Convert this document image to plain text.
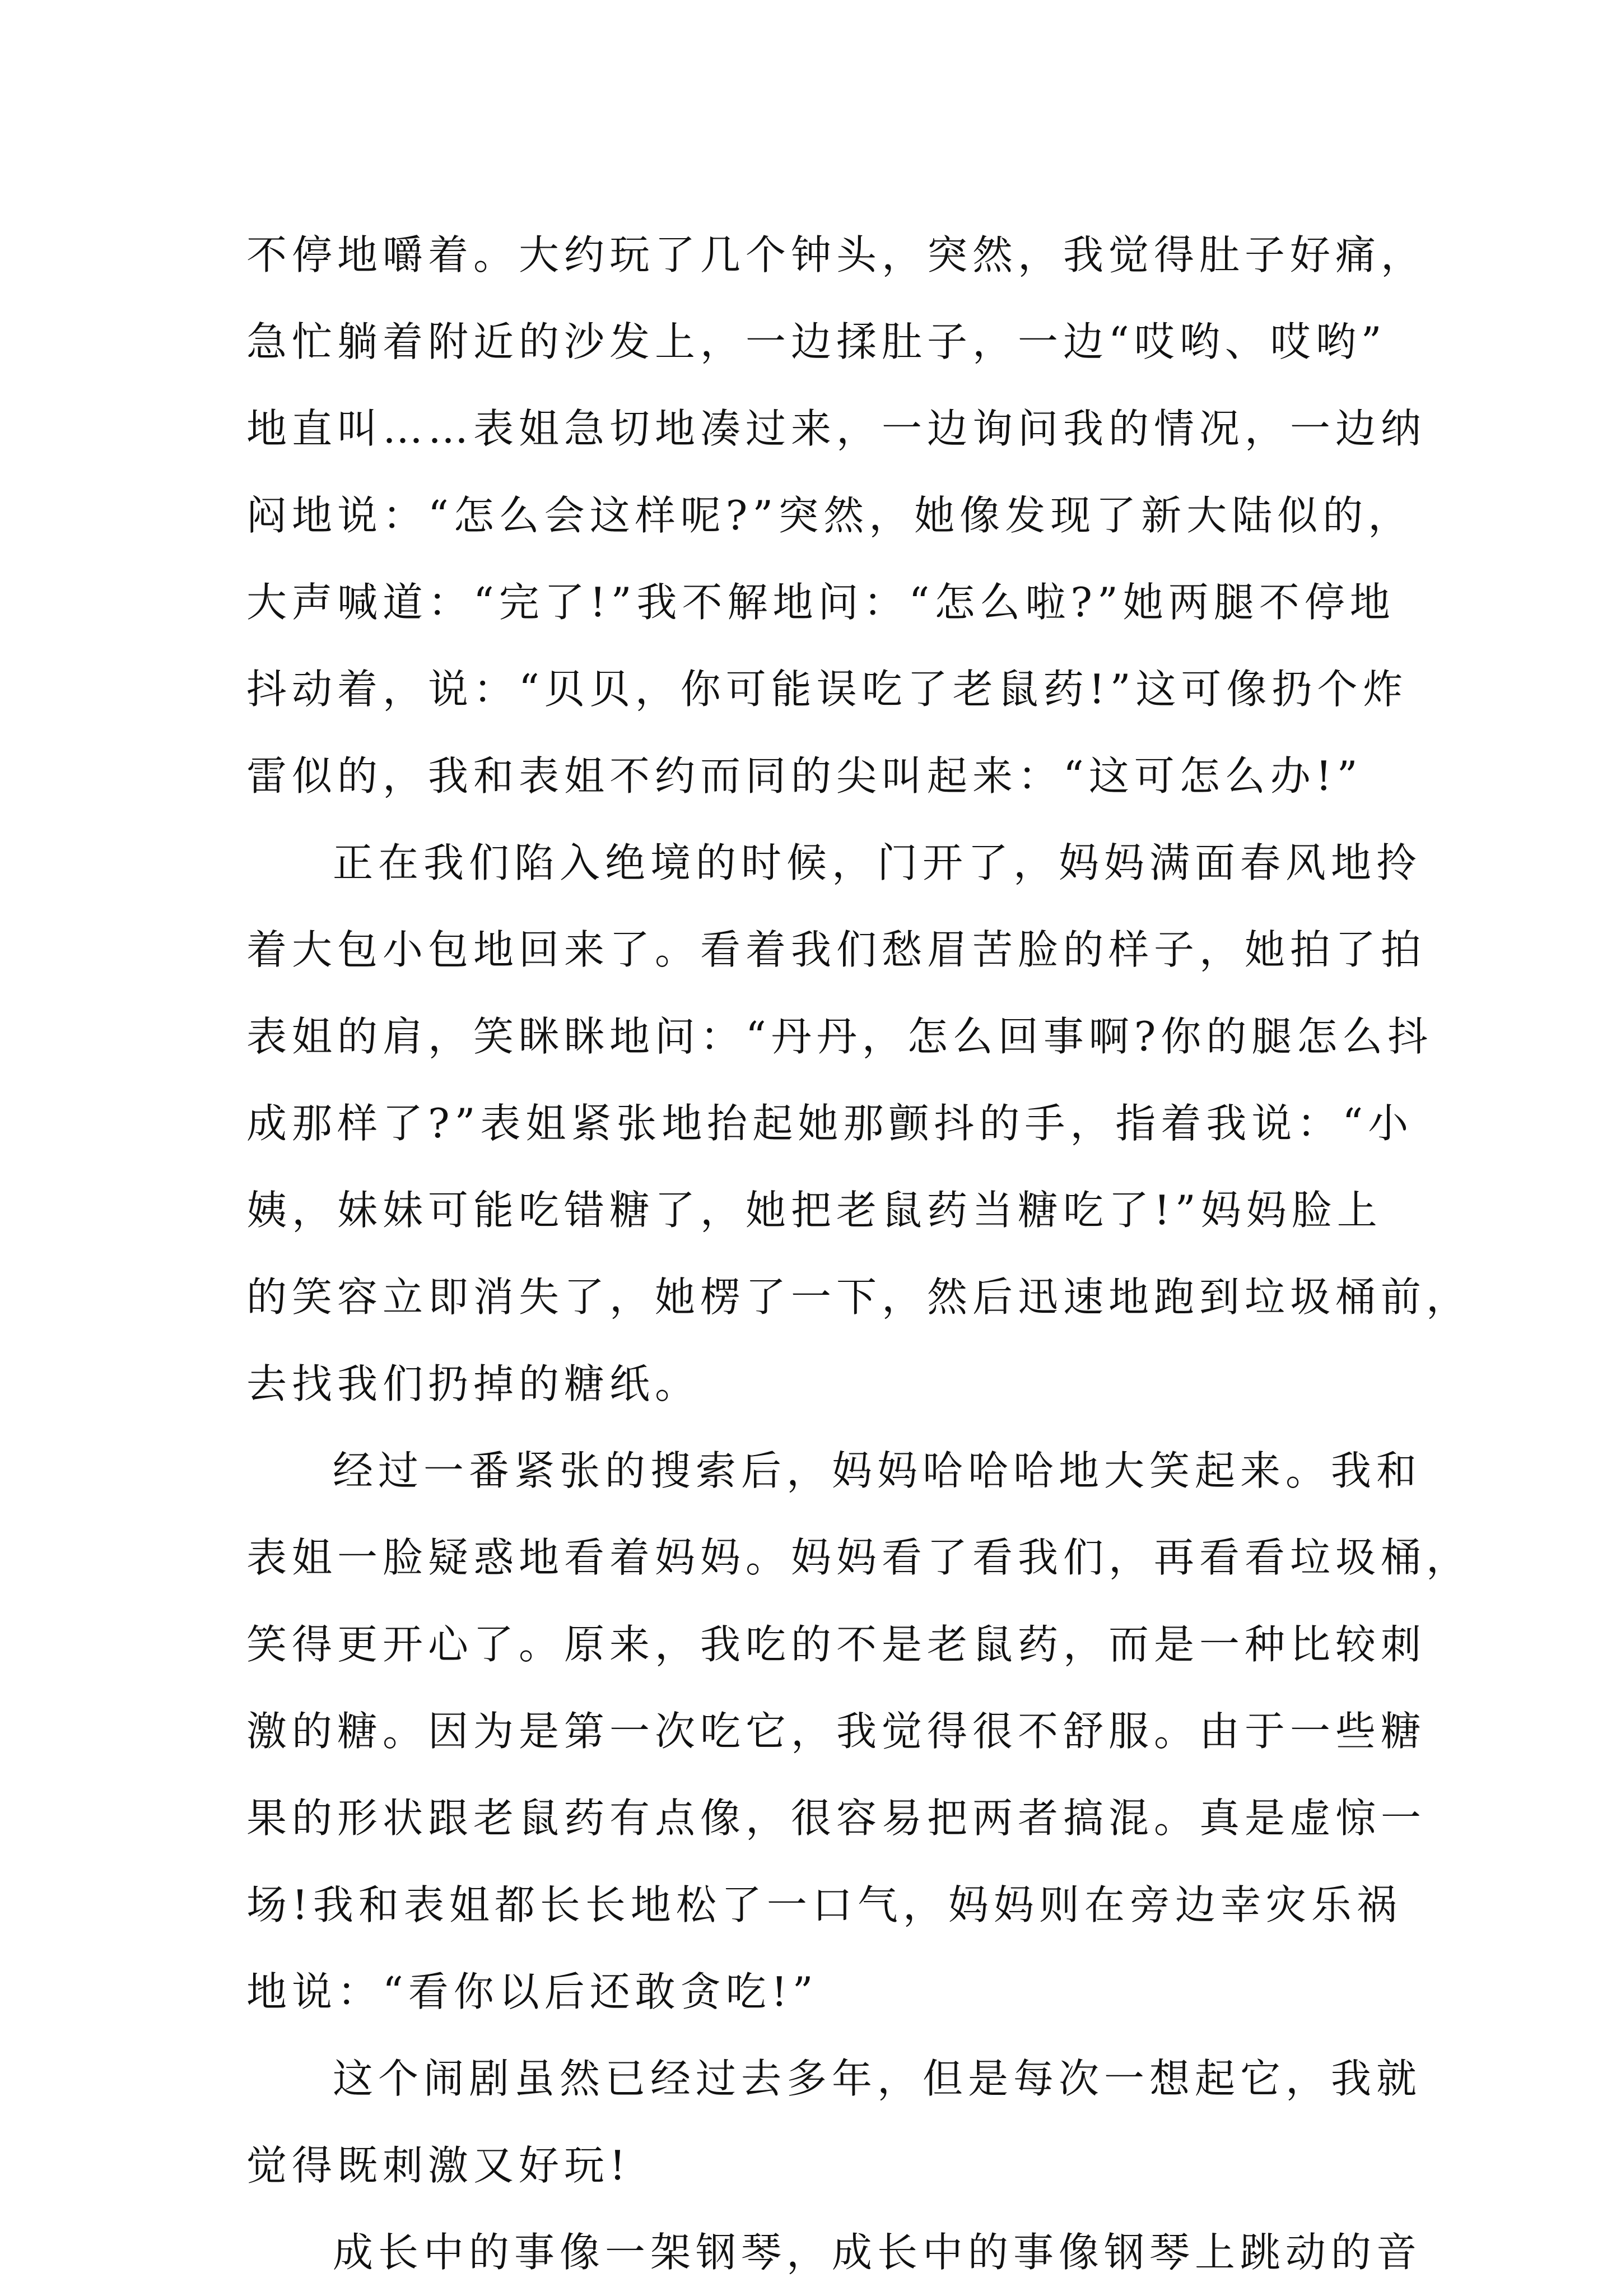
不停地嚼着。大约玩了几个钟头，突然，我觉得肚子好痛，
急忙躺着附近的沙发上，一边揉肚子，一边“哎哟、哎哟”
地直叫……表姐急切地凑过来，一边询问我的情况，一边纳
闷地说：“怎么会这样呢?”突然，她像发现了新大陆似的，
大声喊道：“完了!”我不解地问：“怎么啦?”她两腿不停地
抖动着，说：“贝贝，你可能误吃了老鼠药!”这可像扔个炸
雷似的，我和表姐不约而同的尖叫起来：“这可怎么办!”
正在我们陷入绝境的时候，门开了，妈妈满面春风地拎
着大包小包地回来了。看着我们愁眉苦脸的样子，她拍了拍
表姐的肩，笑眯眯地问：“丹丹，怎么回事啊?你的腿怎么抖
成那样了?”表姐紧张地抬起她那颤抖的手，指着我说：“小
姨，妹妹可能吃错糖了，她把老鼠药当糖吃了!”妈妈脸上
的笑容立即消失了，她楞了一下，然后迅速地跑到垃圾桶前，
去找我们扔掉的糖纸。
经过一番紧张的搜索后，妈妈哈哈哈地大笑起来。我和
表姐一脸疑惑地看着妈妈。妈妈看了看我们，再看看垃圾桶，
笑得更开心了。原来，我吃的不是老鼠药，而是一种比较刺
激的糖。因为是第一次吃它，我觉得很不舒服。由于一些糖
果的形状跟老鼠药有点像，很容易把两者搞混。真是虚惊一
场!我和表姐都长长地松了一口气，妈妈则在旁边幸灾乐祸
地说：“看你以后还敢贪吃!”
这个闹剧虽然已经过去多年，但是每次一想起它，我就
觉得既刺激又好玩!
成长中的事像一架钢琴，成长中的事像钢琴上跳动的音
